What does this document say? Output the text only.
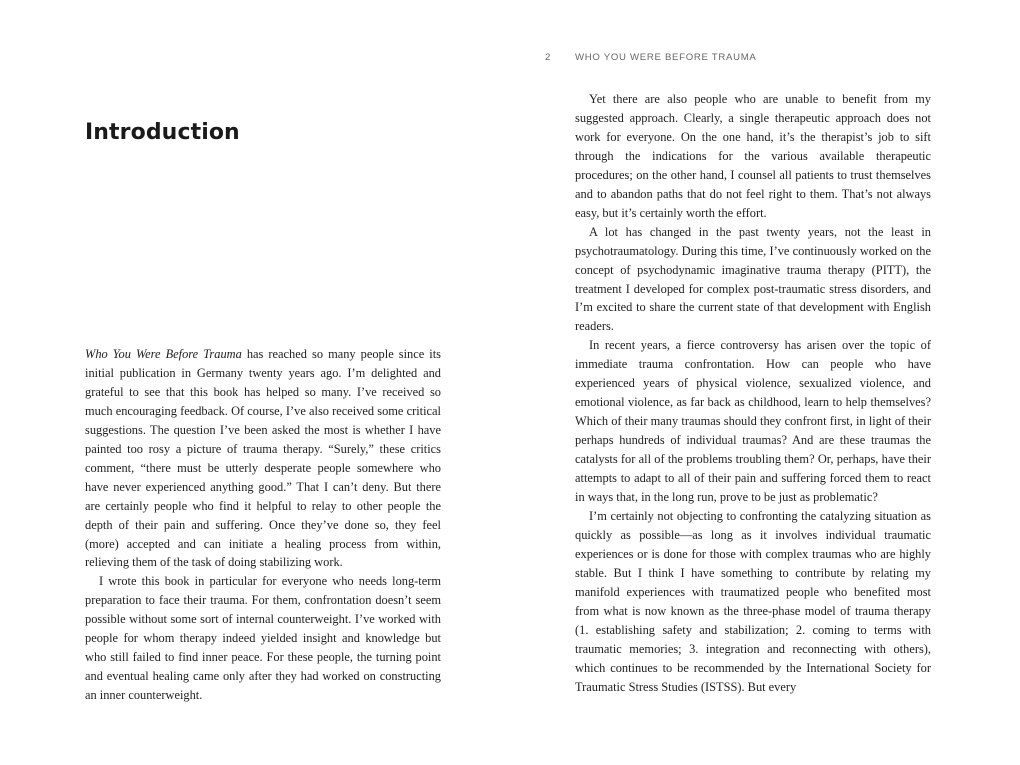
Introduction

Who You Were Before Trauma has reached so many people since its initial publication in Germany twenty years ago. I’m delighted and grateful to see that this book has helped so many. I’ve received so much encouraging feedback. Of course, I’ve also received some critical suggestions. The question I’ve been asked the most is whether I have painted too rosy a picture of trauma therapy. “Surely,” these critics comment, “there must be utterly desperate people somewhere who have never experienced anything good.” That I can’t deny. But there are certainly people who find it helpful to relay to other people the depth of their pain and suffering. Once they’ve done so, they feel (more) accepted and can initiate a healing process from within, relieving them of the task of doing stabilizing work.

I wrote this book in particular for everyone who needs long-term preparation to face their trauma. For them, confrontation doesn’t seem possible without some sort of internal counterweight. I’ve worked with people for whom therapy indeed yielded insight and knowledge but who still failed to find inner peace. For these people, the turning point and eventual healing came only after they had worked on constructing an inner counterweight.

2 WHO YOU WERE BEFORE TRAUMA

Yet there are also people who are unable to benefit from my suggested approach. Clearly, a single therapeutic approach does not work for everyone. On the one hand, it’s the therapist’s job to sift through the indications for the various available therapeutic procedures; on the other hand, I counsel all patients to trust themselves and to abandon paths that do not feel right to them. That’s not always easy, but it’s certainly worth the effort.

A lot has changed in the past twenty years, not the least in psychotraumatology. During this time, I’ve continuously worked on the concept of psychodynamic imaginative trauma therapy (PITT), the treatment I developed for complex post-traumatic stress disorders, and I’m excited to share the current state of that development with English readers.

In recent years, a fierce controversy has arisen over the topic of immediate trauma confrontation. How can people who have experienced years of physical violence, sexualized violence, and emotional violence, as far back as childhood, learn to help themselves? Which of their many traumas should they confront first, in light of their perhaps hundreds of individual traumas? And are these traumas the catalysts for all of the problems troubling them? Or, perhaps, have their attempts to adapt to all of their pain and suffering forced them to react in ways that, in the long run, prove to be just as problematic?

I’m certainly not objecting to confronting the catalyzing situation as quickly as possible—as long as it involves individual traumatic experiences or is done for those with complex traumas who are highly stable. But I think I have something to contribute by relating my manifold experiences with traumatized people who benefited most from what is now known as the three-phase model of trauma therapy (1. establishing safety and stabilization; 2. coming to terms with traumatic memories; 3. integration and reconnecting with others), which continues to be recommended by the International Society for Traumatic Stress Studies (ISTSS). But every
